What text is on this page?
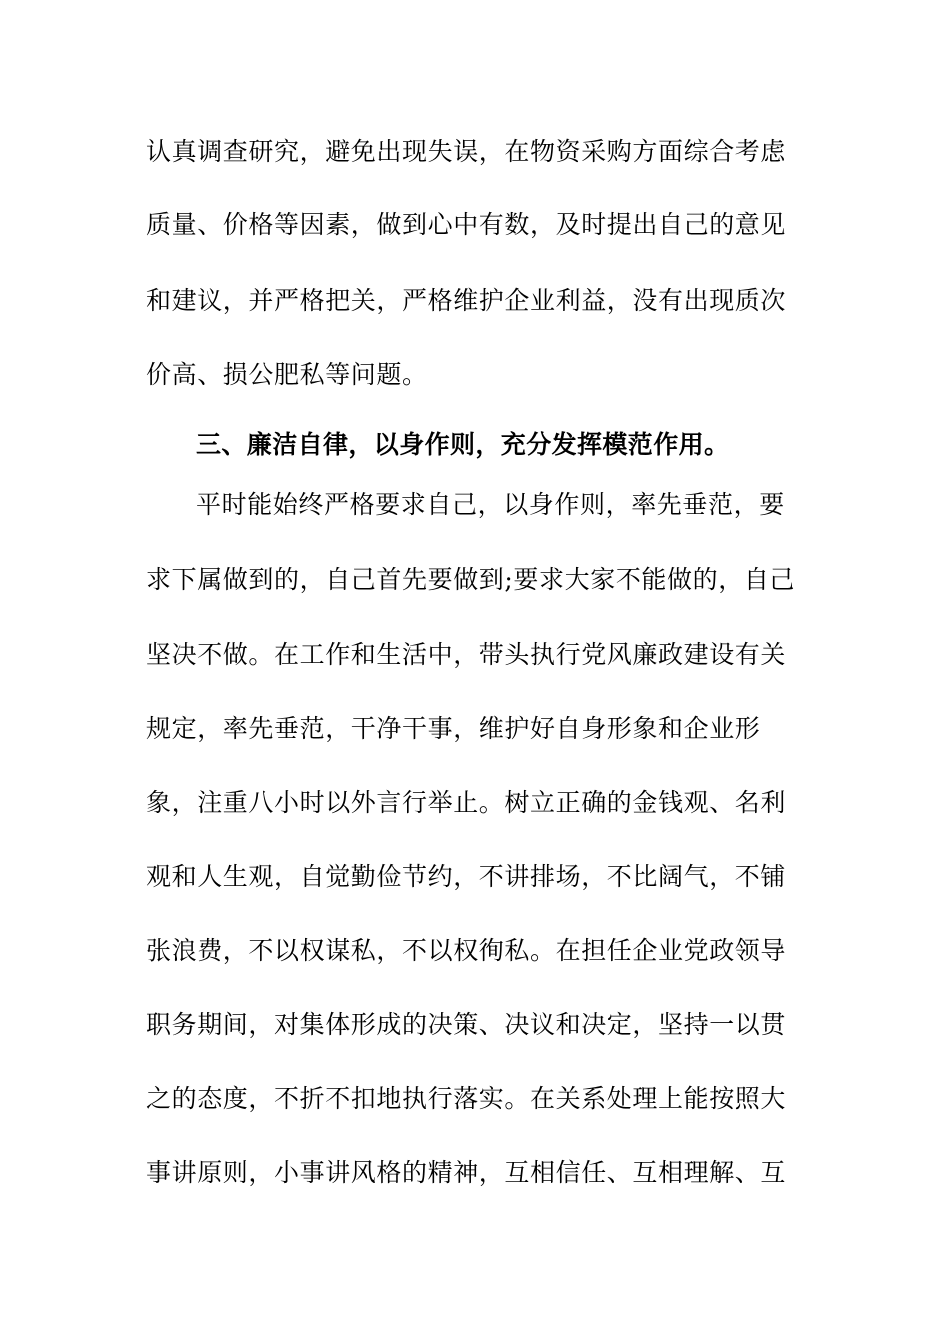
认真调查研究，避免出现失误，在物资采购方面综合考虑
质量、价格等因素，做到心中有数，及时提出自己的意见
和建议，并严格把关，严格维护企业利益，没有出现质次
价高、损公肥私等问题。
三、廉洁自律，以身作则，充分发挥模范作用。
平时能始终严格要求自己，以身作则，率先垂范，要
求下属做到的，自己首先要做到;要求大家不能做的，自己
坚决不做。在工作和生活中，带头执行党风廉政建设有关
规定，率先垂范，干净干事，维护好自身形象和企业形
象，注重八小时以外言行举止。树立正确的金钱观、名利
观和人生观，自觉勤俭节约，不讲排场，不比阔气，不铺
张浪费，不以权谋私，不以权徇私。在担任企业党政领导
职务期间，对集体形成的决策、决议和决定，坚持一以贯
之的态度，不折不扣地执行落实。在关系处理上能按照大
事讲原则，小事讲风格的精神，互相信任、互相理解、互
